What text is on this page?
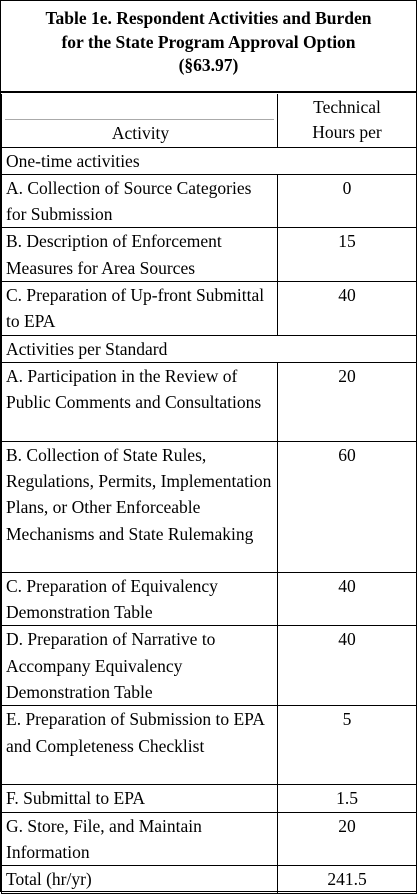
Table 1e. Respondent Activities and Burden
for the State Program Approval Option
(§63.97)
Activity	Technical
Hours per

One-time activities	
A. Collection of Source Categories for Submission	0
B. Description of Enforcement Measures for Area Sources	15
C. Preparation of Up-front Submittal to EPA	40
Activities per Standard	
A. Participation in the Review of Public Comments and Consultations	20
B. Collection of State Rules, Regulations, Permits, Implementation Plans, or Other Enforceable Mechanisms and State Rulemaking	60
C. Preparation of Equivalency Demonstration Table	40
D. Preparation of Narrative to Accompany Equivalency Demonstration Table	40
E. Preparation of Submission to EPA and Completeness Checklist	5
F. Submittal to EPA	1.5
G. Store, File, and Maintain Information	20
Total (hr/yr)	241.5
